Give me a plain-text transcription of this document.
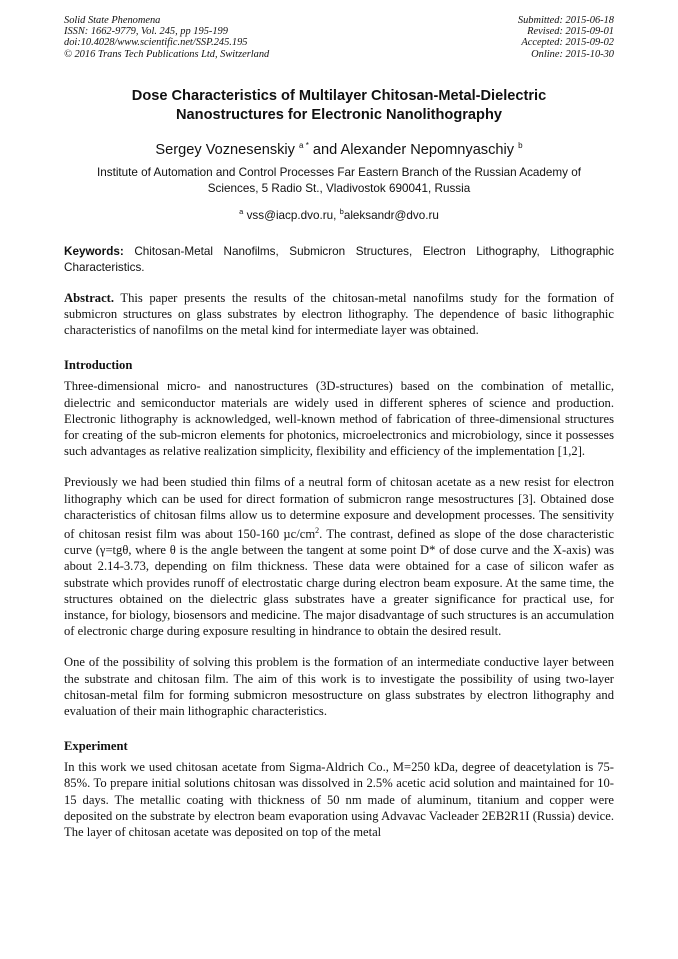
Solid State Phenomena
ISSN: 1662-9779, Vol. 245, pp 195-199
doi:10.4028/www.scientific.net/SSP.245.195
© 2016 Trans Tech Publications Ltd, Switzerland
Submitted: 2015-06-18
Revised: 2015-09-01
Accepted: 2015-09-02
Online: 2015-10-30
Dose Characteristics of Multilayer Chitosan-Metal-Dielectric
Nanostructures for Electronic Nanolithography
Sergey Voznesenskiy $^{a *}$ and Alexander Nepomnyaschiy $^b$
Institute of Automation and Control Processes Far Eastern Branch of the Russian Academy of
Sciences, 5 Radio St., Vladivostok 690041, Russia
$^a$ vss@iacp.dvo.ru, $^b$aleksandr@dvo.ru
Keywords: Chitosan-Metal Nanofilms, Submicron Structures, Electron Lithography, Lithographic Characteristics.
Abstract. This paper presents the results of the chitosan-metal nanofilms study for the formation of submicron structures on glass substrates by electron lithography. The dependence of basic lithographic characteristics of nanofilms on the metal kind for intermediate layer was obtained.
Introduction

Three-dimensional micro- and nanostructures (3D-structures) based on the combination of metallic, dielectric and semiconductor materials are widely used in different spheres of science and production. Electronic lithography is acknowledged, well-known method of fabrication of three-dimensional structures for creating of the sub-micron elements for photonics, microelectronics and microbiology, since it possesses such advantages as relative realization simplicity, flexibility and efficiency of the implementation [1,2].

Previously we had been studied thin films of a neutral form of chitosan acetate as a new resist for electron lithography which can be used for direct formation of submicron range mesostructures [3]. Obtained dose characteristics of chitosan films allow us to determine exposure and development processes. The sensitivity of chitosan resist film was about 150-160 $\mu c/cm^2$. The contrast, defined as slope of the dose characteristic curve (γ=tgθ, where θ is the angle between the tangent at some point D* of dose curve and the X-axis) was about 2.14-3.73, depending on film thickness. These data were obtained for a case of silicon wafer as substrate which provides runoff of electrostatic charge during electron beam exposure. At the same time, the structures obtained on the dielectric glass substrates have a greater significance for practical use, for instance, for biology, biosensors and medicine. The major disadvantage of such structures is an accumulation of electronic charge during exposure resulting in hindrance to obtain the desired result.

One of the possibility of solving this problem is the formation of an intermediate conductive layer between the substrate and chitosan film. The aim of this work is to investigate the possibility of using two-layer chitosan-metal film for forming submicron mesostructure on glass substrates by electron lithography and evaluation of their main lithographic characteristics.

Experiment

In this work we used chitosan acetate from Sigma-Aldrich Co., M=250 kDa, degree of deacetylation is 75-85%. To prepare initial solutions chitosan was dissolved in 2.5% acetic acid solution and maintained for 10-15 days. The metallic coating with thickness of 50 nm made of aluminum, titanium and copper were deposited on the substrate by electron beam evaporation using Advavac Vacleader 2EB2R1I (Russia) device. The layer of chitosan acetate was deposited on top of the metal
